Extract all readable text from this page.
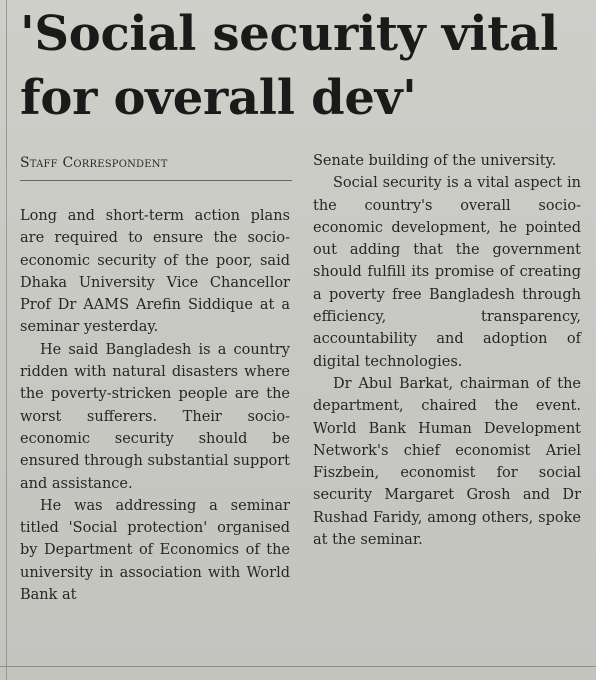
'Social security vital for overall dev'
Staff Correspondent

Long and short-term action plans are required to ensure the socio-economic security of the poor, said Dhaka University Vice Chancellor Prof Dr AAMS Arefin Siddique at a seminar yesterday.

He said Bangladesh is a country ridden with natural disasters where the poverty-stricken people are the worst sufferers. Their socio-economic security should be ensured through substantial support and assistance.

He was addressing a seminar titled 'Social protection' organised by Department of Economics of the university in association with World Bank at

Senate building of the university.

Social security is a vital aspect in the country's overall socio-economic development, he pointed out adding that the government should fulfill its promise of creating a poverty free Bangladesh through efficiency, transparency, accountability and adoption of digital technologies.

Dr Abul Barkat, chairman of the department, chaired the event. World Bank Human Development Network's chief economist Ariel Fiszbein, economist for social security Margaret Grosh and Dr Rushad Faridy, among others, spoke at the seminar.
